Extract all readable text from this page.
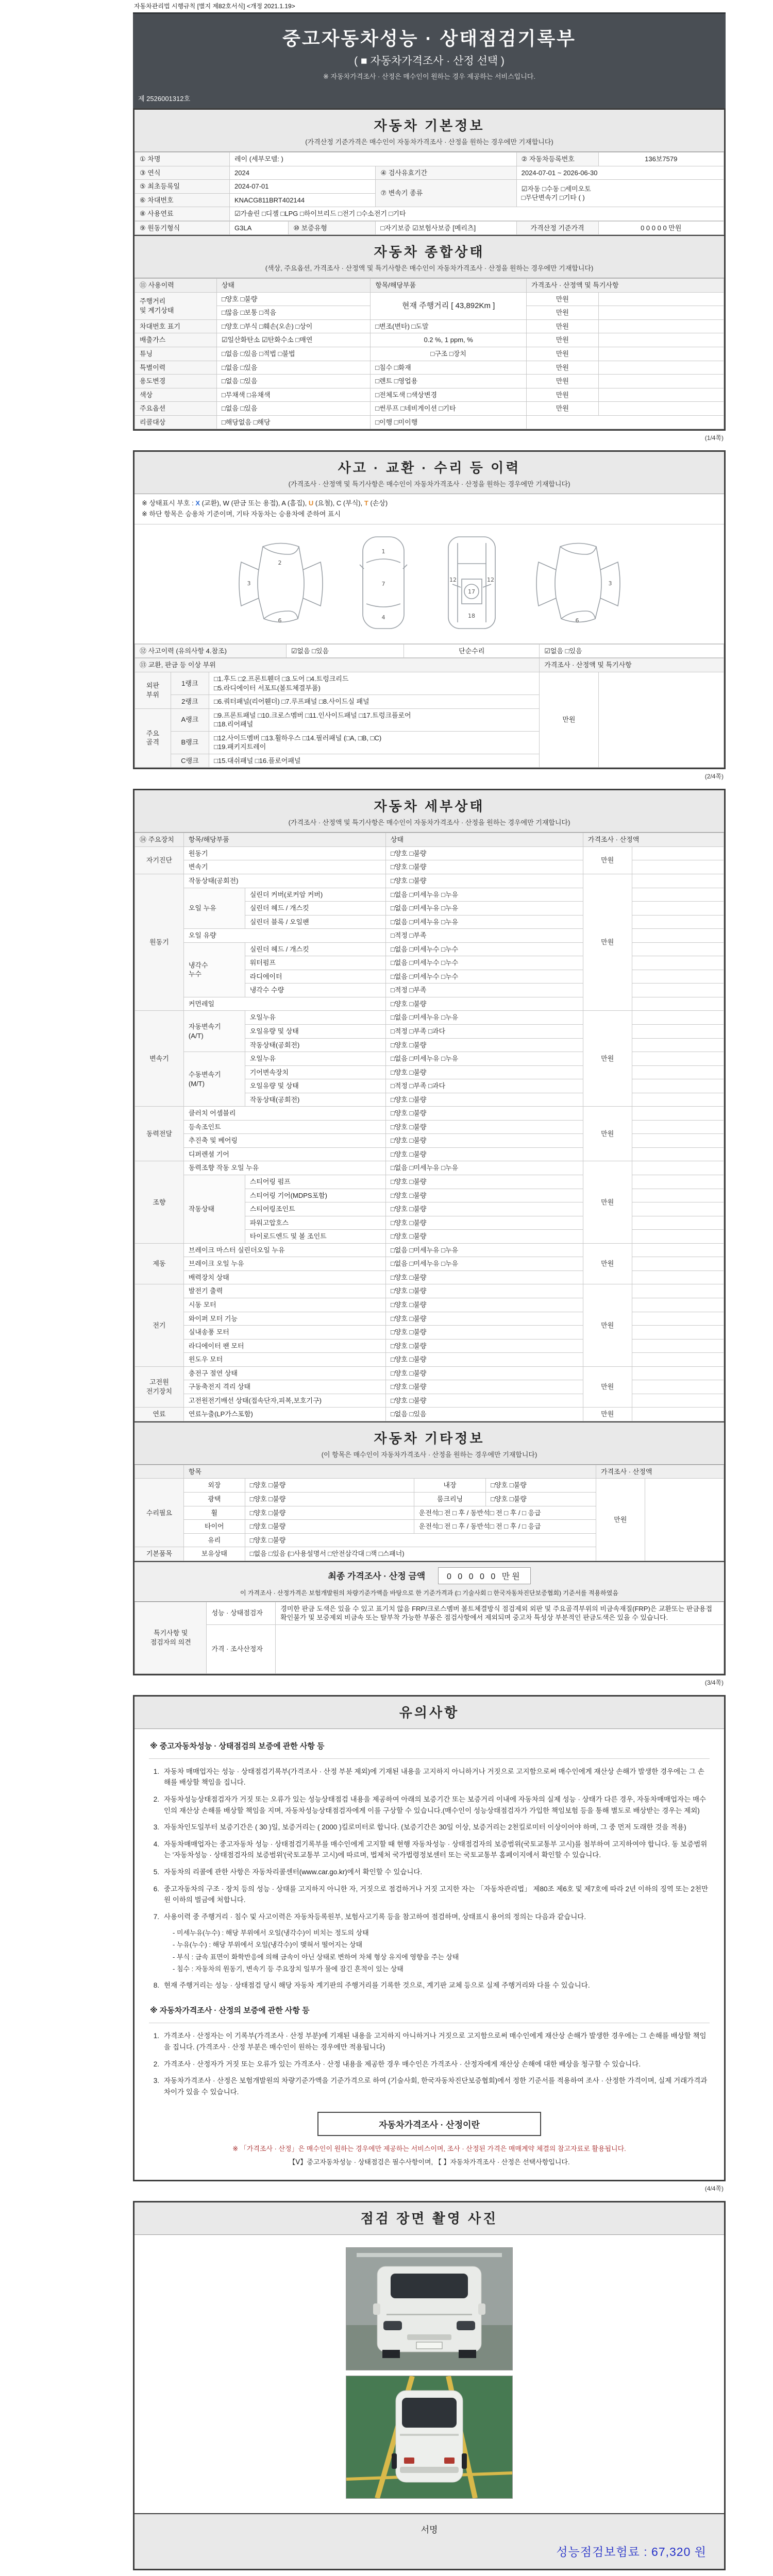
자동차관리법 시행규칙 [별지 제82호서식] <개정 2021.1.19>
중고자동차성능 · 상태점검기록부
( ■ 자동차가격조사 · 산정 선택 )
※ 자동차가격조사 · 산정은 매수인이 원하는 경우 제공하는 서비스입니다.
제 2526001312호
자동차 기본정보
(가격산정 기준가격은 매수인이 자동차가격조사 · 산정을 원하는 경우에만 기재합니다)
① 차명	레이 (세부모델: )		② 자동차등록번호	136보7579
③ 연식	2024	④ 검사유효기간	2024-07-01 ~ 2026-06-30	
⑤ 최초등록일	2024-07-01	⑦ 변속기 종류	☑자동 □수동 □세미오토
□무단변속기 □기타 ( )	
⑥ 차대번호	KNACG811BRT402144			
⑧ 사용연료	☑가솔린 □디젤 □LPG □하이브리드 □전기 □수소전기 □기타			
⑨ 원동기형식	G3LA	⑩ 보증유형	□자기보증 ☑보험사보증 [메리츠]	가격산정 기준가격	0 0 0 0 0 만원
자동차 종합상태
(색상, 주요옵션, 가격조사 · 산정액 및 특기사항은 매수인이 자동차가격조사 · 산정을 원하는 경우에만 기재합니다)
⑪ 사용이력	상태	항목/해당부품	가격조사 · 산정액 및 특기사항	
주행거리
및 계기상태	□양호 □불량	현재 주행거리 [ 43,892Km ]	만원	
	□많음 □보통 □적음		만원	
차대번호 표기	□양호 □부식 □훼손(오손) □상이	□변조(변타) □도말	만원	
배출가스	☑일산화탄소 ☑탄화수소 □매연	0.2 %, 1 ppm, %	만원	
튜닝	□없음 □있음 □적법 □불법	□구조 □장치	만원	
특별이력	□없음 □있음	□침수 □화재	만원	
용도변경	□없음 □있음	□렌트 □영업용	만원	
색상	□무채색 □유채색	□전체도색 □색상변경	만원	
주요옵션	□없음 □있음	□썬루프 □네비게이션 □기타	만원	
리콜대상	□해당없음 □해당	□이행 □미이행		
(1/4쪽)
사고 · 교환 · 수리 등 이력
(가격조사 · 산정액 및 특기사항은 매수인이 자동차가격조사 · 산정을 원하는 경우에만 기재합니다)
※ 상태표시 부호 : X (교환), W (판금 또는 용접), A (흠집), U (요철), C (부식), T (손상)
※ 하단 항목은 승용차 기준이며, 기타 자동차는 승용차에 준하여 표시
2
3
6
1
7
4
12
17
12
18
6
3
⑫ 사고이력 (유의사항 4.참조)	☑없음 □있음	단순수리	☑없음 □있음
⑬ 교환, 판금 등 이상 부위			가격조사 · 산정액 및 특기사항	
외판
부위	1랭크	□1.후드 □2.프론트휀더 □3.도어 □4.트렁크리드
□5.라디에이터 서포트(볼트체결부품)	만원	
	2랭크	□6.쿼터패널(리어휀더) □7.루프패널 □8.사이드실 패널		
주요
골격	A랭크	□9.프론트패널 □10.크로스멤버 □11.인사이드패널 □17.트렁크플로어
□18.리어패널		
	B랭크	□12.사이드멤버 □13.휠하우스 □14.필러패널 (□A, □B, □C)
□19.패키지트레이		
	C랭크	□15.대쉬패널 □16.플로어패널		
(2/4쪽)
자동차 세부상태
(가격조사 · 산정액 및 특기사항은 매수인이 자동차가격조사 · 산정을 원하는 경우에만 기재합니다)
⑭ 주요장치	항목/해당부품		상태	가격조사 · 산정액	
자기진단	원동기		□양호 □불량	만원	
	변속기		□양호 □불량		
원동기	작동상태(공회전)		□양호 □불량	만원	
	오일 누유	실린더 커버(로커암 커버)	□없음 □미세누유 □누유		
		실린더 헤드 / 개스킷	□없음 □미세누유 □누유		
		실린더 블록 / 오일팬	□없음 □미세누유 □누유		
	오일 유량		□적정 □부족		
	냉각수
누수	실린더 헤드 / 개스킷	□없음 □미세누수 □누수		
		워터펌프	□없음 □미세누수 □누수		
		라디에이터	□없음 □미세누수 □누수		
		냉각수 수량	□적정 □부족		
	커먼레일		□양호 □불량		
변속기	자동변속기
(A/T)	오일누유	□없음 □미세누유 □누유	만원	
		오일유량 및 상태	□적정 □부족 □과다		
		작동상태(공회전)	□양호 □불량		
	수동변속기
(M/T)	오일누유	□없음 □미세누유 □누유		
		기어변속장치	□양호 □불량		
		오일유량 및 상태	□적정 □부족 □과다		
		작동상태(공회전)	□양호 □불량		
동력전달	클러치 어셈블리		□양호 □불량	만원	
	등속조인트		□양호 □불량		
	추진축 및 베어링		□양호 □불량		
	디퍼렌셜 기어		□양호 □불량		
조향	동력조향 작동 오일 누유		□없음 □미세누유 □누유	만원	
	작동상태	스티어링 펌프	□양호 □불량		
		스티어링 기어(MDPS포함)	□양호 □불량		
		스티어링조인트	□양호 □불량		
		파워고압호스	□양호 □불량		
		타이로드엔드 및 볼 조인트	□양호 □불량		
제동	브레이크 마스터 실린더오일 누유		□없음 □미세누유 □누유	만원	
	브레이크 오일 누유		□없음 □미세누유 □누유		
	배력장치 상태		□양호 □불량		
전기	발전기 출력		□양호 □불량	만원	
	시동 모터		□양호 □불량		
	와이퍼 모터 기능		□양호 □불량		
	실내송풍 모터		□양호 □불량		
	라디에이터 팬 모터		□양호 □불량		
	윈도우 모터		□양호 □불량		
고전원
전기장치	충전구 절연 상태		□양호 □불량	만원	
	구동축전지 격리 상태		□양호 □불량		
	고전원전기배선 상태(접속단자,피복,보호기구)		□양호 □불량		
연료	연료누출(LP가스포함)		□없음 □있음	만원	
자동차 기타정보
(이 항목은 매수인이 자동차가격조사 · 산정을 원하는 경우에만 기재합니다)
	항목				가격조사 · 산정액	
수리필요	외장	□양호 □불량	내장	□양호 □불량	만원	
	광택	□양호 □불량	룸크리닝	□양호 □불량		
	휠	□양호 □불량	운전석□ 전 □ 후 / 동반석□ 전 □ 후 / □ 응급			
	타이어	□양호 □불량	운전석□ 전 □ 후 / 동반석□ 전 □ 후 / □ 응급			
	유리	□양호 □불량				
기본품목	보유상태	□없음 □있음 (□사용설명서 □안전삼각대 □잭 □스패너)				
최종 가격조사 · 산정 금액	0 0 0 0 0 만원
이 가격조사 · 산정가격은 보험개발원의 차량기준가액을 바탕으로 한 기준가격과 (□ 기술사회 □ 한국자동차진단보증협회) 기준서를 적용하였음
특기사항 및
점검자의 의견	성능 · 상태점검자	경미한 판금 도색은 있을 수 있고 표기치 않음 FRP/크로스멤버 볼트체결방식 점검제외 외판 및 주요골격부위의 비금속재질(FRP)은 교환또는 판금용접 확인불가 및 보증제외 비금속 또는 탈부착 가능한 부품은 점검사항에서 제외되며 중고차 특성상 부분적인 판금도색은 있을 수 있습니다.
	가격 · 조사산정자	
(3/4쪽)
유의사항
※ 중고자동차성능 · 상태점검의 보증에 관한 사항 등
1. 자동차 매매업자는 성능 · 상태점검기록부(가격조사 · 산정 부분 제외)에 기재된 내용을 고지하지 아니하거나 거짓으로 고지함으로써 매수인에게 재산상 손해가 발생한 경우에는 그 손해를 배상할 책임을 집니다.
2. 자동차성능상태점검자가 거짓 또는 오류가 있는 성능상태점검 내용을 제공하여 아래의 보증기간 또는 보증거리 이내에 자동차의 실제 성능 · 상태가 다른 경우, 자동차매매업자는 매수인의 재산상 손해를 배상할 책임을 지며, 자동차성능상태점검자에게 이를 구상할 수 있습니다.(매수인이 성능상태점검자가 가입한 책임보험 등을 통해 별도로 배상받는 경우는 제외)
3. 자동차인도일부터 보증기간은 ( 30 )일, 보증거리는 ( 2000 )킬로미터로 합니다. (보증기간은 30일 이상, 보증거리는 2천킬로미터 이상이어야 하며, 그 중 먼저 도래한 것을 적용)
4. 자동차매매업자는 중고자동차 성능 · 상태점검기록부를 매수인에게 고지할 때 현행 자동차성능 · 상태점검자의 보증범위(국토교통부 고시)를 첨부하여 고지하여야 합니다. 동 보증범위는 '자동차성능 · 상태점검자의 보증범위'(국토교통부 고시)에 따르며, 법제처 국가법령정보센터 또는 국토교통부 홈페이지에서 확인할 수 있습니다.
5. 자동차의 리콜에 관한 사항은 자동차리콜센터(www.car.go.kr)에서 확인할 수 있습니다.
6. 중고자동차의 구조 · 장치 등의 성능 · 상태를 고지하지 아니한 자, 거짓으로 점검하거나 거짓 고지한 자는 「자동차관리법」 제80조 제6호 및 제7호에 따라 2년 이하의 징역 또는 2천만원 이하의 벌금에 처합니다.
7. 사용이력 중 주행거리 · 침수 및 사고이력은 자동차등록원부, 보험사고기록 등을 참고하여 점검하며, 상태표시 용어의 정의는 다음과 같습니다.
- 미세누유(누수) : 해당 부위에서 오일(냉각수)이 비치는 정도의 상태
- 누유(누수) : 해당 부위에서 오일(냉각수)이 맺혀서 떨어지는 상태
- 부식 : 금속 표면이 화학반응에 의해 금속이 아닌 상태로 변하여 차체 형상 유지에 영향을 주는 상태
- 침수 : 자동차의 원동기, 변속기 등 주요장치 일부가 물에 잠긴 흔적이 있는 상태
8. 현재 주행거리는 성능 · 상태점검 당시 해당 자동차 계기판의 주행거리를 기록한 것으로, 계기판 교체 등으로 실제 주행거리와 다를 수 있습니다.
※ 자동차가격조사 · 산정의 보증에 관한 사항 등
1. 가격조사 · 산정자는 이 기록부(가격조사 · 산정 부분)에 기재된 내용을 고지하지 아니하거나 거짓으로 고지함으로써 매수인에게 재산상 손해가 발생한 경우에는 그 손해를 배상할 책임을 집니다. (가격조사 · 산정 부분은 매수인이 원하는 경우에만 적용됩니다)
2. 가격조사 · 산정자가 거짓 또는 오류가 있는 가격조사 · 산정 내용을 제공한 경우 매수인은 가격조사 · 산정자에게 재산상 손해에 대한 배상을 청구할 수 있습니다.
3. 자동차가격조사 · 산정은 보험개발원의 차량기준가액을 기준가격으로 하여 (기술사회, 한국자동차진단보증협회)에서 정한 기준서를 적용하여 조사 · 산정한 가격이며, 실제 거래가격과 차이가 있을 수 있습니다.
자동차가격조사 · 산정이란
※ 「가격조사 · 산정」은 매수인이 원하는 경우에만 제공하는 서비스이며, 조사 · 산정된 가격은 매매계약 체결의 참고자료로 활용됩니다.
【Ⅴ】중고자동차성능 · 상태점검은 필수사항이며, 【 】자동차가격조사 · 산정은 선택사항입니다.
(4/4쪽)
점검 장면 촬영 사진
서명
성능점검보험료 : 67,320 원
